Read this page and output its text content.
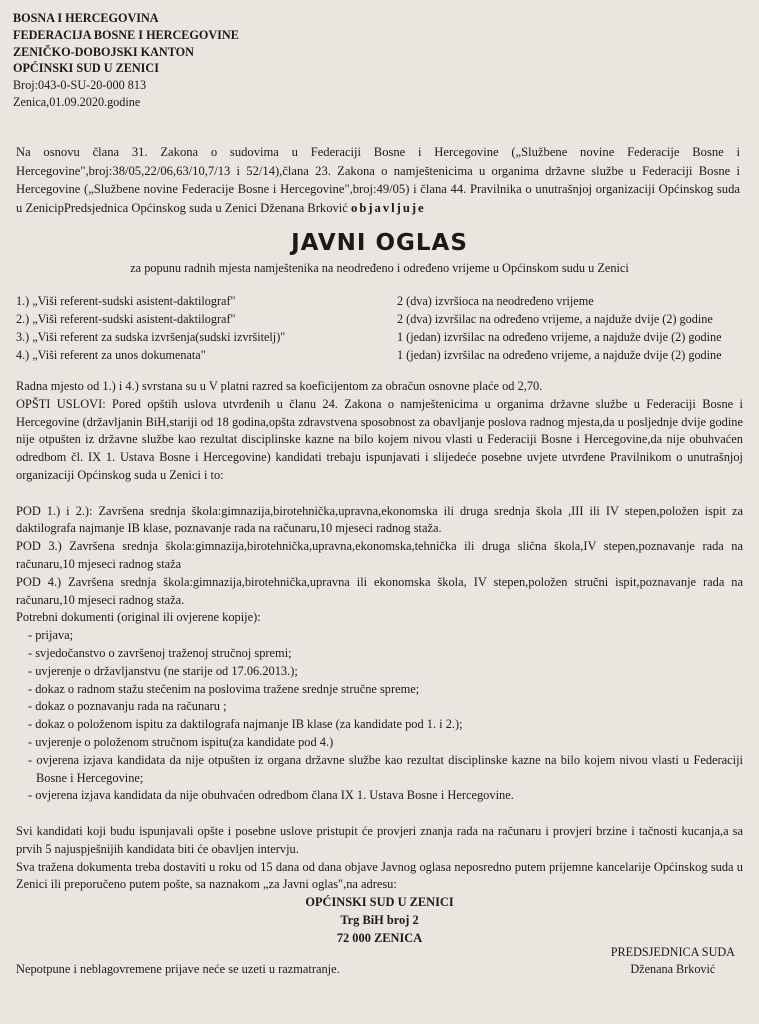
BOSNA I HERCEGOVINA
FEDERACIJA BOSNE I HERCEGOVINE
ZENIČKO-DOBOJSKI KANTON
OPĆINSKI SUD U ZENICI
Broj:043-0-SU-20-000 813
Zenica,01.09.2020.godine
Na osnovu člana 31. Zakona o sudovima u Federaciji Bosne i Hercegovine („Službene novine Federacije Bosne i Hercegovine",broj:38/05,22/06,63/10,7/13 i 52/14),člana 23. Zakona o namještenicima u organima državne službe u Federaciji Bosne i Hercegovine („Službene novine Federacije Bosne i Hercegovine",broj:49/05) i člana 44. Pravilnika o unutrašnjoj organizaciji Općinskog suda u ZenicipPredsjednica Općinskog suda u Zenici Dženana Brković objavljuje
JAVNI OGLAS
za popunu radnih mjesta namještenika na neodređeno i određeno vrijeme u Općinskom sudu u Zenici
1.) „Viši referent-sudski asistent-daktilograf"	2 (dva) izvršioca na neodređeno vrijeme
2.) „Viši referent-sudski asistent-daktilograf"	2 (dva) izvršilac na određeno vrijeme, a najduže dvije (2) godine
3.) „Viši referent za sudska izvršenja(sudski izvršitelj)"	1 (jedan) izvršilac na određeno vrijeme, a najduže dvije (2) godine
4.) „Viši referent za unos dokumenata"	1 (jedan) izvršilac na određeno vrijeme, a najduže dvije (2) godine

Radna mjesto od 1.) i 4.) svrstana su u V platni razred sa koeficijentom za obračun osnovne plaće od 2,70.

OPŠTI USLOVI: Pored opštih uslova utvrđenih u članu 24. Zakona o namještenicima u organima državne službe u Federaciji Bosne i Hercegovine (državljanin BiH,stariji od 18 godina,opšta zdravstvena sposobnost za obavljanje poslova radnog mjesta,da u posljednje dvije godine nije otpušten iz državne službe kao rezultat disciplinske kazne na bilo kojem nivou vlasti u Federaciji Bosne i Hercegovine,da nije obuhvaćen odredbom čl. IX 1. Ustava Bosne i Hercegovine) kandidati trebaju ispunjavati i slijedeće posebne uvjete utvrđene Pravilnikom o unutrašnjoj organizaciji Općinskog suda u Zenici i to:

POD 1.) i 2.): Završena srednja škola:gimnazija,birotehnička,upravna,ekonomska ili druga srednja škola ,III ili IV stepen,položen ispit za daktilografa najmanje IB klase, poznavanje rada na računaru,10 mjeseci radnog staža.

POD 3.) Završena srednja škola:gimnazija,birotehnička,upravna,ekonomska,tehnička ili druga slična škola,IV stepen,poznavanje rada na računaru,10 mjeseci radnog staža

POD 4.) Završena srednja škola:gimnazija,birotehnička,upravna ili ekonomska škola, IV stepen,položen stručni ispit,poznavanje rada na računaru,10 mjeseci radnog staža.

Potrebni dokumenti (original ili ovjerene kopije):

- prijava;
- svjedočanstvo o završenoj traženoj stručnoj spremi;
- uvjerenje o državljanstvu (ne starije od 17.06.2013.);
- dokaz o radnom stažu stečenim na poslovima tražene srednje stručne spreme;
- dokaz o poznavanju rada na računaru ;
- dokaz o položenom ispitu za daktilografa najmanje IB klase (za kandidate pod 1. i 2.);
- uvjerenje o položenom stručnom ispitu(za kandidate pod 4.)
- ovjerena izjava kandidata da nije otpušten iz organa državne službe kao rezultat disciplinske kazne na bilo kojem nivou vlasti u Federaciji Bosne i Hercegovine;
- ovjerena izjava kandidata da nije obuhvaćen odredbom člana IX 1. Ustava Bosne i Hercegovine.

Svi kandidati koji budu ispunjavali opšte i posebne uslove pristupit će provjeri znanja rada na računaru i provjeri brzine i tačnosti kucanja,a sa prvih 5 najuspješnijih kandidata biti će obavljen intervju.

Sva tražena dokumenta treba dostaviti u roku od 15 dana od dana objave Javnog oglasa neposredno putem prijemne kancelarije Općinskog suda u Zenici ili preporučeno putem pošte, sa naznakom „za Javni oglas",na adresu:

OPĆINSKI SUD U ZENICI

Trg BiH broj 2

72 000 ZENICA

Nepotpune i neblagovremene prijave neće se uzeti u razmatranje.
PREDSJEDNICA SUDA
Dženana Brković
